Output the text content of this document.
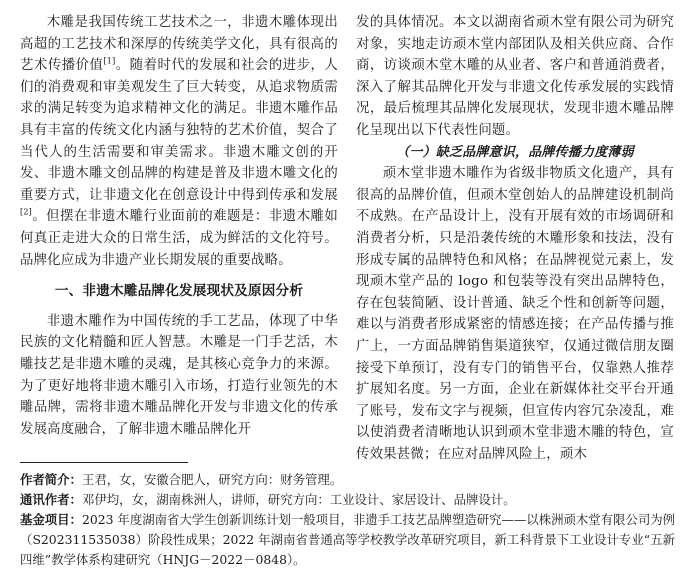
木雕是我国传统工艺技术之一，非遗木雕体现出高超的工艺技术和深厚的传统美学文化，具有很高的艺术传播价值[1]。随着时代的发展和社会的进步，人们的消费观和审美观发生了巨大转变，从追求物质需求的满足转变为追求精神文化的满足。非遗木雕作品具有丰富的传统文化内涵与独特的艺术价值，契合了当代人的生活需要和审美需求。非遗木雕文创的开发、非遗木雕文创品牌的构建是普及非遗木雕文化的重要方式，让非遗文化在创意设计中得到传承和发展[2]。但摆在非遗木雕行业面前的难题是：非遗木雕如何真正走进大众的日常生活，成为鲜活的文化符号。品牌化应成为非遗产业长期发展的重要战略。

一、非遗木雕品牌化发展现状及原因分析

非遗木雕作为中国传统的手工艺品，体现了中华民族的文化精髓和匠人智慧。木雕是一门手艺活，木雕技艺是非遗木雕的灵魂，是其核心竞争力的来源。为了更好地将非遗木雕引入市场，打造行业领先的木雕品牌，需将非遗木雕品牌化开发与非遗文化的传承发展高度融合，了解非遗木雕品牌化开

发的具体情况。本文以湖南省顽木堂有限公司为研究对象，实地走访顽木堂内部团队及相关供应商、合作商，访谈顽木堂木雕的从业者、客户和普通消费者，深入了解其品牌化开发与非遗文化传承发展的实践情况，最后梳理其品牌化发展现状，发现非遗木雕品牌化呈现出以下代表性问题。

（一）缺乏品牌意识，品牌传播力度薄弱

顽木堂非遗木雕作为省级非物质文化遗产，具有很高的品牌价值，但顽木堂创始人的品牌建设机制尚不成熟。在产品设计上，没有开展有效的市场调研和消费者分析，只是沿袭传统的木雕形象和技法，没有形成专属的品牌特色和风格；在品牌视觉元素上，发现顽木堂产品的 logo 和包装等没有突出品牌特色，存在包装简陋、设计普通、缺乏个性和创新等问题，难以与消费者形成紧密的情感连接；在产品传播与推广上，一方面品牌销售渠道狭窄，仅通过微信朋友圈接受下单预订，没有专门的销售平台，仅靠熟人推荐扩展知名度。另一方面，企业在新媒体社交平台开通了账号，发布文字与视频，但宣传内容冗杂凌乱，难以使消费者清晰地认识到顽木堂非遗木雕的特色，宣传效果甚微；在应对品牌风险上，顽木

作者简介：王君，女，安徽合肥人，研究方向：财务管理。

通讯作者：邓伊均，女，湖南株洲人，讲师，研究方向：工业设计、家居设计、品牌设计。

基金项目：2023 年度湖南省大学生创新训练计划一般项目，非遗手工技艺品牌塑造研究——以株洲顽木堂有限公司为例（S202311535038）阶段性成果；2022 年湖南省普通高等学校教学改革研究项目，新工科背景下工业设计专业“五新四维”教学体系构建研究（HNJG－2022－0848）。
